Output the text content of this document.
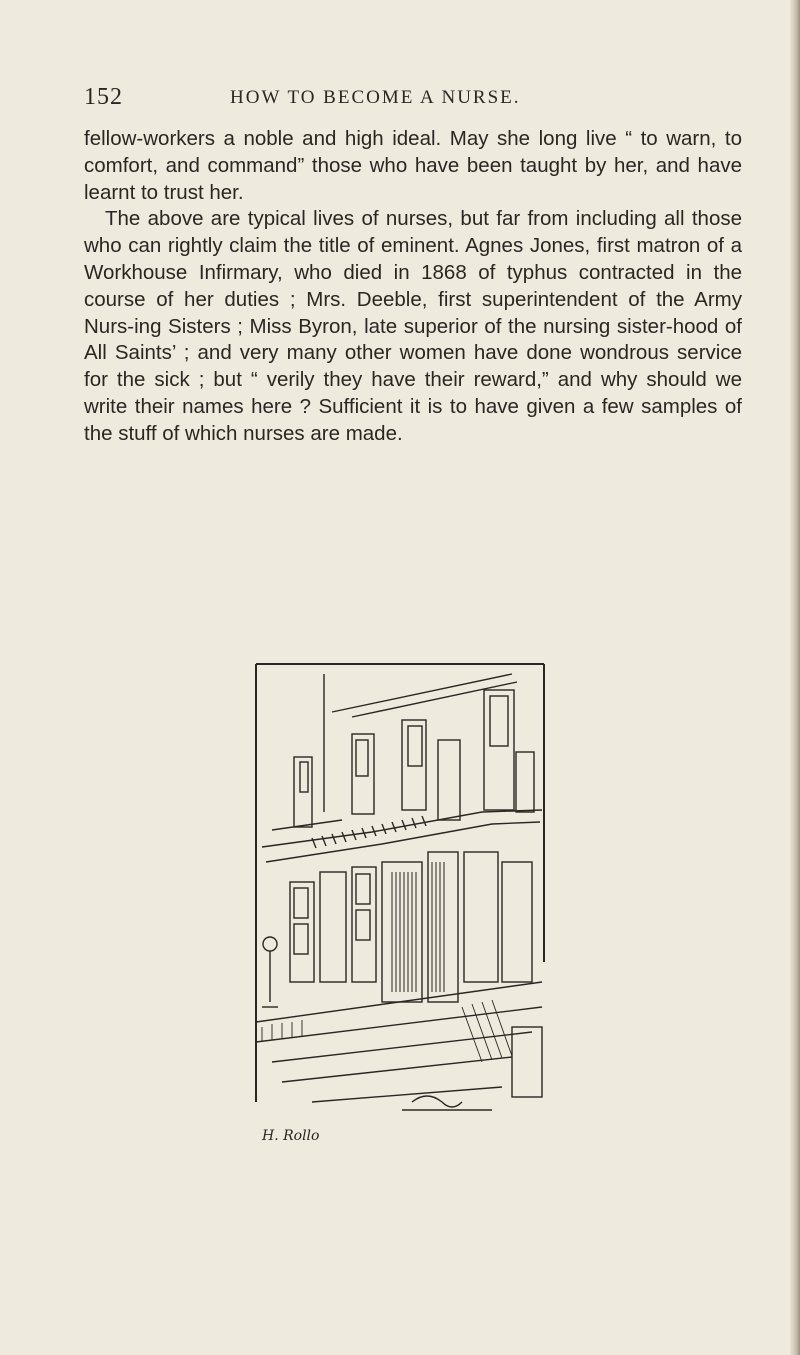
152	HOW TO BECOME A NURSE.

fellow-workers a noble and high ideal. May she long live “ to warn, to comfort, and command” those who have been taught by her, and have learnt to trust her.

The above are typical lives of nurses, but far from including all those who can rightly claim the title of eminent. Agnes Jones, first matron of a Workhouse Infirmary, who died in 1868 of typhus contracted in the course of her duties ; Mrs. Deeble, first superintendent of the Army Nurs-ing Sisters ; Miss Byron, late superior of the nursing sister-hood of All Saints’ ; and very many other women have done wondrous service for the sick ; but “ verily they have their reward,” and why should we write their names here ? Sufficient it is to have given a few samples of the stuff of which nurses are made.

H. Rollo
